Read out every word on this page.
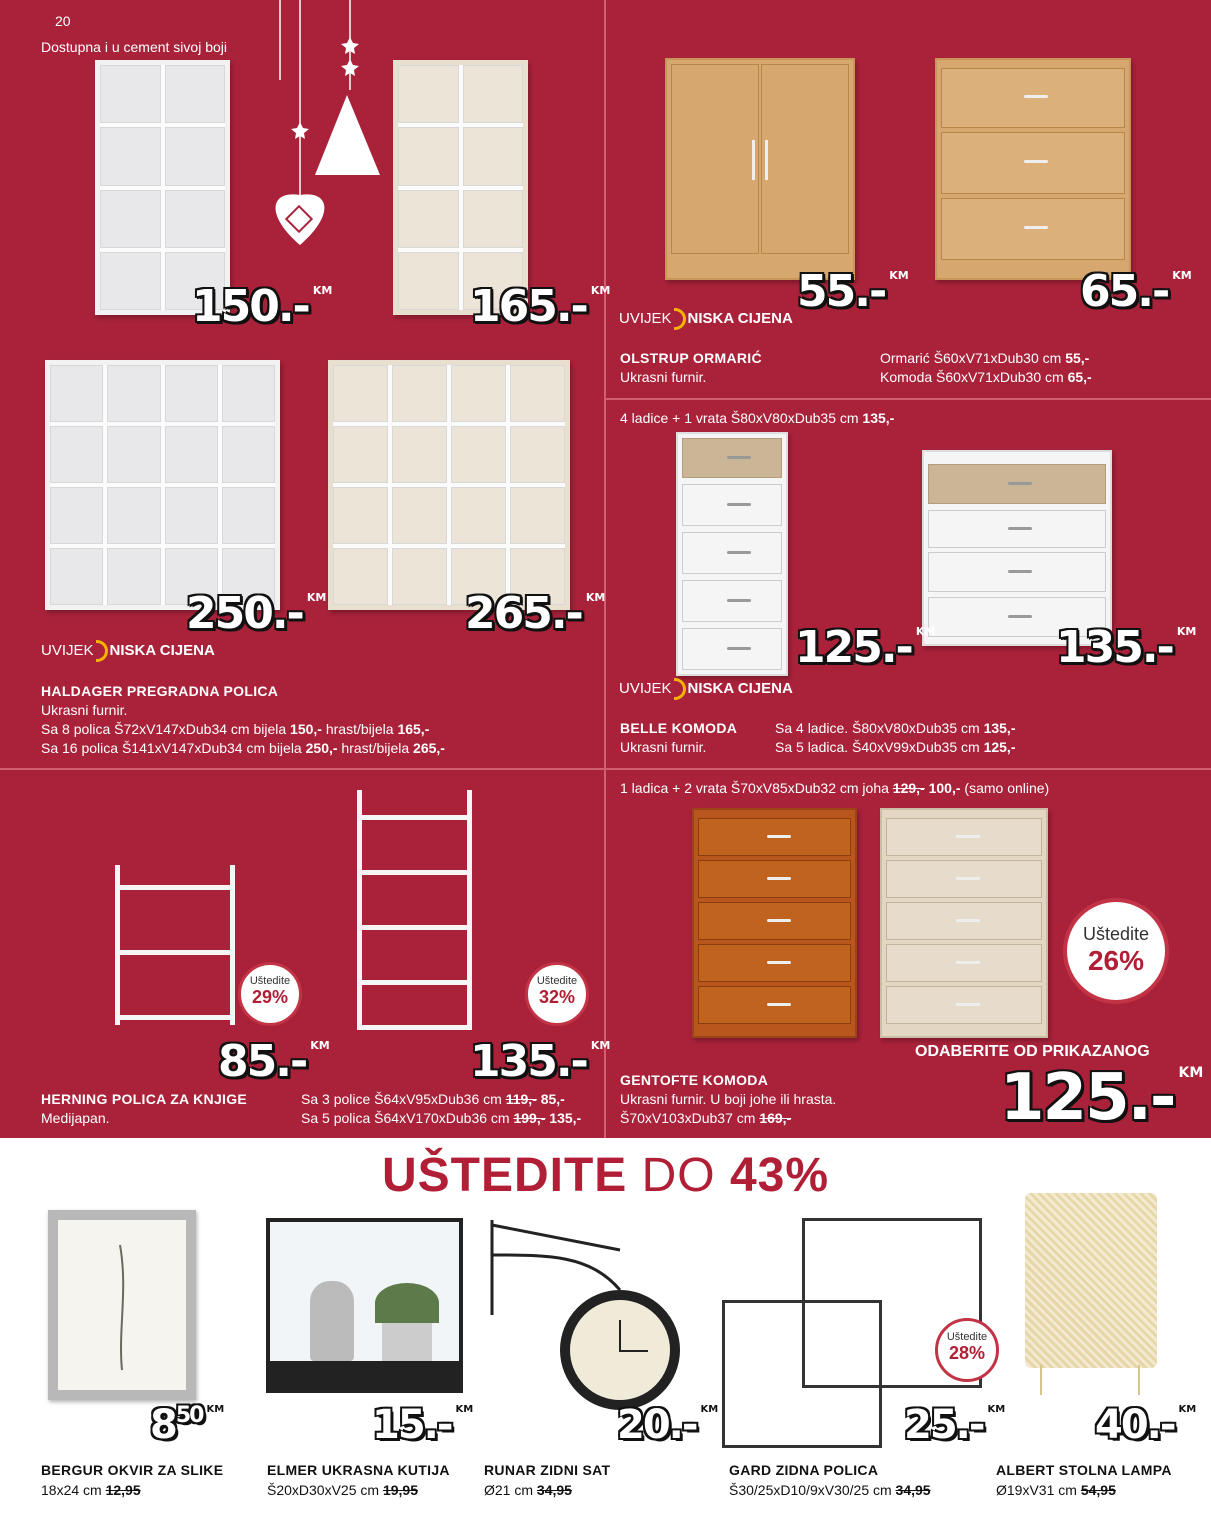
20
Dostupna i u cement sivoj boji
150.- KM	165.- KM
250.- KM	265.- KM
UVIJEK NISKA CIJENA
HALDAGER PREGRADNA POLICA
Ukrasni furnir.
Sa 8 polica Š72xV147xDub34 cm bijela 150,- hrast/bijela 165,-
Sa 16 polica Š141xV147xDub34 cm bijela 250,- hrast/bijela 265,-
55.- KM	65.- KM
UVIJEK NISKA CIJENA
OLSTRUP ORMARIĆ
Ukrasni furnir.
Ormarić Š60xV71xDub30 cm 55,-
Komoda Š60xV71xDub30 cm 65,-
4 ladice + 1 vrata Š80xV80xDub35 cm 135,-
125.- KM	135.- KM
UVIJEK NISKA CIJENA
BELLE KOMODA
Ukrasni furnir.
Sa 4 ladice. Š80xV80xDub35 cm 135,-
Sa 5 ladica. Š40xV99xDub35 cm 125,-
Uštedite
29%
Uštedite
32%
85.- KM	135.- KM
HERNING POLICA ZA KNJIGE
Medijapan.
Sa 3 police Š64xV95xDub36 cm 119,- 85,-
Sa 5 polica Š64xV170xDub36 cm 199,- 135,-
1 ladica + 2 vrata Š70xV85xDub32 cm joha 129,- 100,- (samo online)
Uštedite
26%
ODABERITE OD PRIKAZANOG
125.- KM
GENTOFTE KOMODA
Ukrasni furnir. U boji johe ili hrasta.
Š70xV103xDub37 cm 169,-
UŠTEDITE DO 43%
Uštedite
28%
$8^{50}$ KM	15.- KM	20.- KM	25.- KM 40.- KM
BERGUR OKVIR ZA SLIKE
18x24 cm 12,95
ELMER UKRASNA KUTIJA
Š20xD30xV25 cm 19,95
RUNAR ZIDNI SAT
Ø21 cm 34,95
GARD ZIDNA POLICA
Š30/25xD10/9xV30/25 cm 34,95
ALBERT STOLNA LAMPA
Ø19xV31 cm 54,95
